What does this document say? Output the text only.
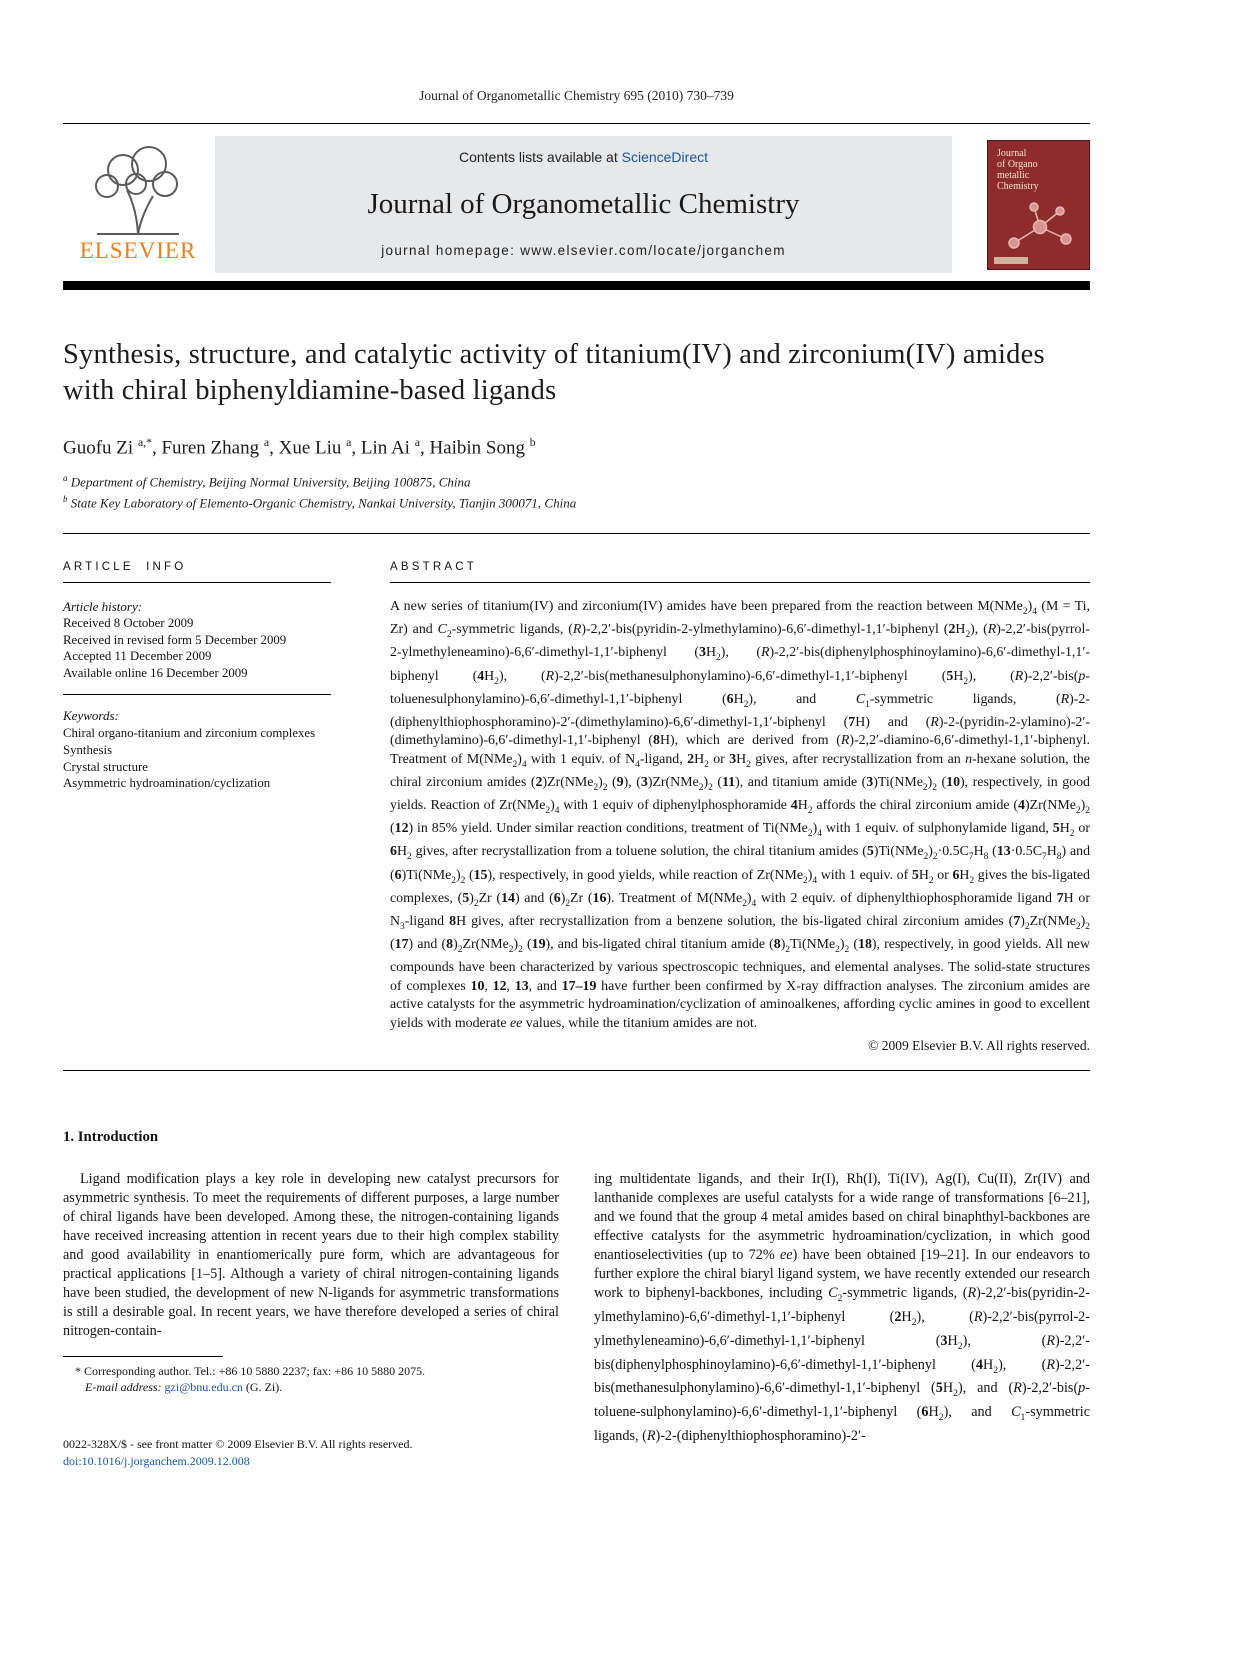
Journal of Organometallic Chemistry 695 (2010) 730–739
ELSEVIER
Contents lists available at ScienceDirect
Journal of Organometallic Chemistry
journal homepage: www.elsevier.com/locate/jorganchem
Journal
of Organo
metallic
Chemistry
Synthesis, structure, and catalytic activity of titanium(IV) and zirconium(IV) amides with chiral biphenyldiamine-based ligands
Guofu Zi $^{a,*}$, Furen Zhang $^a$, Xue Liu $^a$, Lin Ai $^a$, Haibin Song $^b$
$^a$ Department of Chemistry, Beijing Normal University, Beijing 100875, China
$^b$ State Key Laboratory of Elemento-Organic Chemistry, Nankai University, Tianjin 300071, China
ARTICLE INFO
Article history:
Received 8 October 2009
Received in revised form 5 December 2009
Accepted 11 December 2009
Available online 16 December 2009
Keywords:
Chiral organo-titanium and zirconium complexes
Synthesis
Crystal structure
Asymmetric hydroamination/cyclization
ABSTRACT
A new series of titanium(IV) and zirconium(IV) amides have been prepared from the reaction between $M(NMe_2)_4$ (M = Ti, Zr) and $C_2$-symmetric ligands, (R)-2,2′-bis(pyridin-2-ylmethylamino)-6,6′-dimethyl-1,1′-biphenyl $(2H_2)$, (R)-2,2′-bis(pyrrol-2-ylmethyleneamino)-6,6′-dimethyl-1,1′-biphenyl $(3H_2)$, (R)-2,2′-bis(diphenylphosphinoylamino)-6,6′-dimethyl-1,1′-biphenyl $(4H_2)$, (R)-2,2′-bis(methanesulphonylamino)-6,6′-dimethyl-1,1′-biphenyl $(5H_2)$, (R)-2,2′-bis(p-toluenesulphonylamino)-6,6′-dimethyl-1,1′-biphenyl $(6H_2)$, and $C_1$-symmetric ligands, (R)-2-(diphenylthiophosphoramino)-2′-(dimethylamino)-6,6′-dimethyl-1,1′-biphenyl (7H) and (R)-2-(pyridin-2-ylamino)-2′-(dimethylamino)-6,6′-dimethyl-1,1′-biphenyl (8H), which are derived from (R)-2,2′-diamino-6,6′-dimethyl-1,1′-biphenyl. Treatment of $M(NMe_2)_4$ with 1 equiv. of $N_4$-ligand, $2H_2$ or $3H_2$ gives, after recrystallization from an n-hexane solution, the chiral zirconium amides $(2)Zr(NMe_2)_2$ (9), $(3)Zr(NMe_2)_2$ (11), and titanium amide $(3)Ti(NMe_2)_2$ (10), respectively, in good yields. Reaction of $Zr(NMe_2)_4$ with 1 equiv of diphenylphosphoramide $4H_2$ affords the chiral zirconium amide $(4)Zr(NMe_2)_2$ (12) in 85% yield. Under similar reaction conditions, treatment of $Ti(NMe_2)_4$ with 1 equiv. of sulphonylamide ligand, $5H_2$ or $6H_2$ gives, after recrystallization from a toluene solution, the chiral titanium amides $(5)Ti(NMe_2)_2\cdot 0.5C_7H_8$ $(13\cdot 0.5C_7H_8)$ and $(6)Ti(NMe_2)_2$ (15), respectively, in good yields, while reaction of $Zr(NMe_2)_4$ with 1 equiv. of $5H_2$ or $6H_2$ gives the bis-ligated complexes, $(5)_2Zr$ (14) and $(6)_2Zr$ (16). Treatment of $M(NMe_2)_4$ with 2 equiv. of diphenylthiophosphoramide ligand 7H or $N_3$-ligand 8H gives, after recrystallization from a benzene solution, the bis-ligated chiral zirconium amides $(7)_2Zr(NMe_2)_2$ (17) and $(8)_2Zr(NMe_2)_2$ (19), and bis-ligated chiral titanium amide $(8)_2Ti(NMe_2)_2$ (18), respectively, in good yields. All new compounds have been characterized by various spectroscopic techniques, and elemental analyses. The solid-state structures of complexes 10, 12, 13, and 17–19 have further been confirmed by X-ray diffraction analyses. The zirconium amides are active catalysts for the asymmetric hydroamination/cyclization of aminoalkenes, affording cyclic amines in good to excellent yields with moderate ee values, while the titanium amides are not.
© 2009 Elsevier B.V. All rights reserved.
1. Introduction
Ligand modification plays a key role in developing new catalyst precursors for asymmetric synthesis. To meet the requirements of different purposes, a large number of chiral ligands have been developed. Among these, the nitrogen-containing ligands have received increasing attention in recent years due to their high complex stability and good availability in enantiomerically pure form, which are advantageous for practical applications [1–5]. Although a variety of chiral nitrogen-containing ligands have been studied, the development of new N-ligands for asymmetric transformations is still a desirable goal. In recent years, we have therefore developed a series of chiral nitrogen-contain-
* Corresponding author. Tel.: +86 10 5880 2237; fax: +86 10 5880 2075.
E-mail address: gzi@bnu.edu.cn (G. Zi).
0022-328X/$ - see front matter © 2009 Elsevier B.V. All rights reserved.
doi:10.1016/j.jorganchem.2009.12.008
ing multidentate ligands, and their Ir(I), Rh(I), Ti(IV), Ag(I), Cu(II), Zr(IV) and lanthanide complexes are useful catalysts for a wide range of transformations [6–21], and we found that the group 4 metal amides based on chiral binaphthyl-backbones are effective catalysts for the asymmetric hydroamination/cyclization, in which good enantioselectivities (up to 72% ee) have been obtained [19–21]. In our endeavors to further explore the chiral biaryl ligand system, we have recently extended our research work to biphenyl-backbones, including $C_2$-symmetric ligands, (R)-2,2′-bis(pyridin-2-ylmethylamino)-6,6′-dimethyl-1,1′-biphenyl $(2H_2)$, (R)-2,2′-bis(pyrrol-2-ylmethyleneamino)-6,6′-dimethyl-1,1′-biphenyl $(3H_2)$, (R)-2,2′-bis(diphenylphosphinoylamino)-6,6′-dimethyl-1,1′-biphenyl $(4H_2)$, (R)-2,2′-bis(methanesulphonylamino)-6,6′-dimethyl-1,1′-biphenyl $(5H_2)$, and (R)-2,2′-bis(p-toluene-sulphonylamino)-6,6′-dimethyl-1,1′-biphenyl $(6H_2)$, and $C_1$-symmetric ligands, (R)-2-(diphenylthiophosphoramino)-2′-
